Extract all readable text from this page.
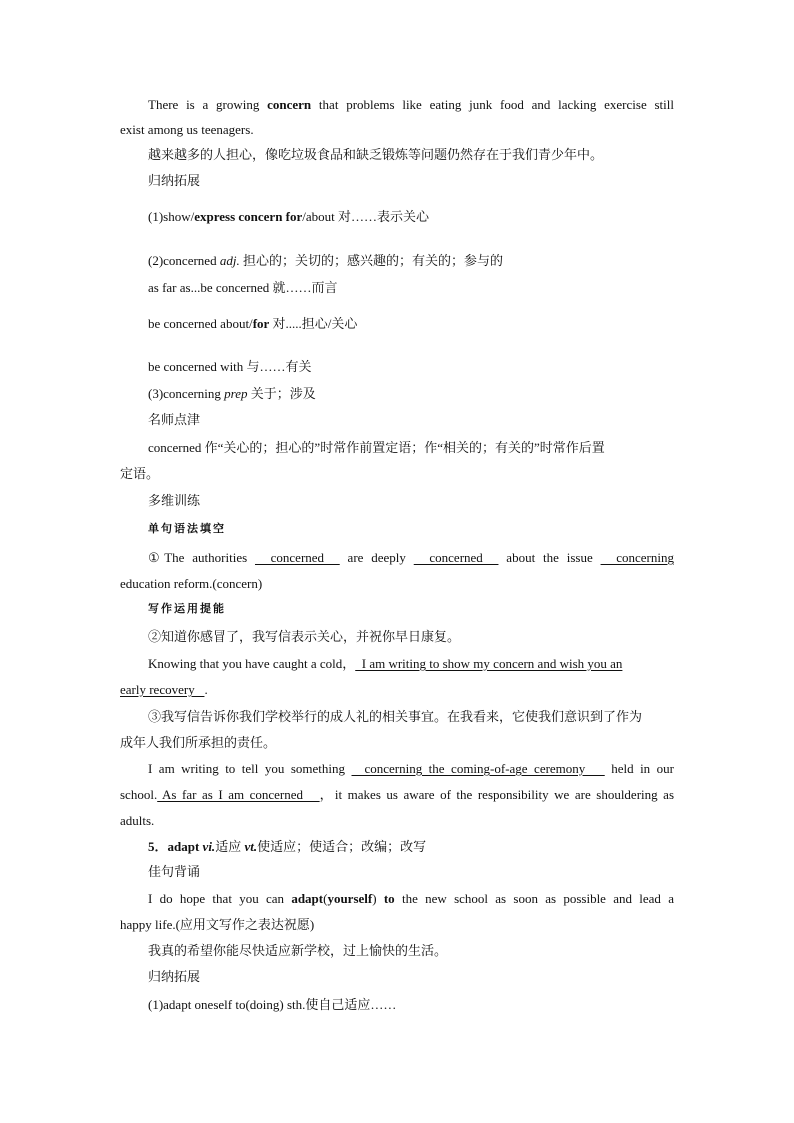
There is a growing concern that problems like eating junk food and lacking exercise still
exist among us teenagers.
越来越多的人担心，像吃垃圾食品和缺乏锻炼等问题仍然存在于我们青少年中。
归纳拓展
(1)show/express concern for/about 对……表示关心
(2)concerned adj. 担心的；关切的；感兴趣的；有关的；参与的
as far as...be concerned 就……而言
be concerned about/for 对.....担心/关心
be concerned with 与……有关
(3)concerning prep 关于；涉及
名师点津
concerned 作“关心的；担心的”时常作前置定语；作“相关的；有关的”时常作后置
定语。
多维训练
单句语法填空
①The authorities   concerned   are deeply   concerned   about the issue   concerning
education reform.(concern)
写作运用提能
②知道你感冒了，我写信表示关心，并祝你早日康复。
Knowing that you have caught a cold，  I am writing to show my concern and wish you an
early recovery   .
③我写信告诉你我们学校举行的成人礼的相关事宜。在我看来，它使我们意识到了作为
成年人我们所承担的责任。
I am writing to tell you something   concerning the coming-of-age ceremony    held in our
school. As far as I am concerned   ，it makes us aware of the responsibility we are shouldering as
adults.
5．adapt vi.适应 vt.使适应；使适合；改编；改写
佳句背诵
I do hope that you can adapt(yourself) to the new school as soon as possible and lead a
happy life.(应用文写作之表达祝愿)
我真的希望你能尽快适应新学校，过上愉快的生活。
归纳拓展
(1)adapt oneself to(doing) sth.使自己适应……
